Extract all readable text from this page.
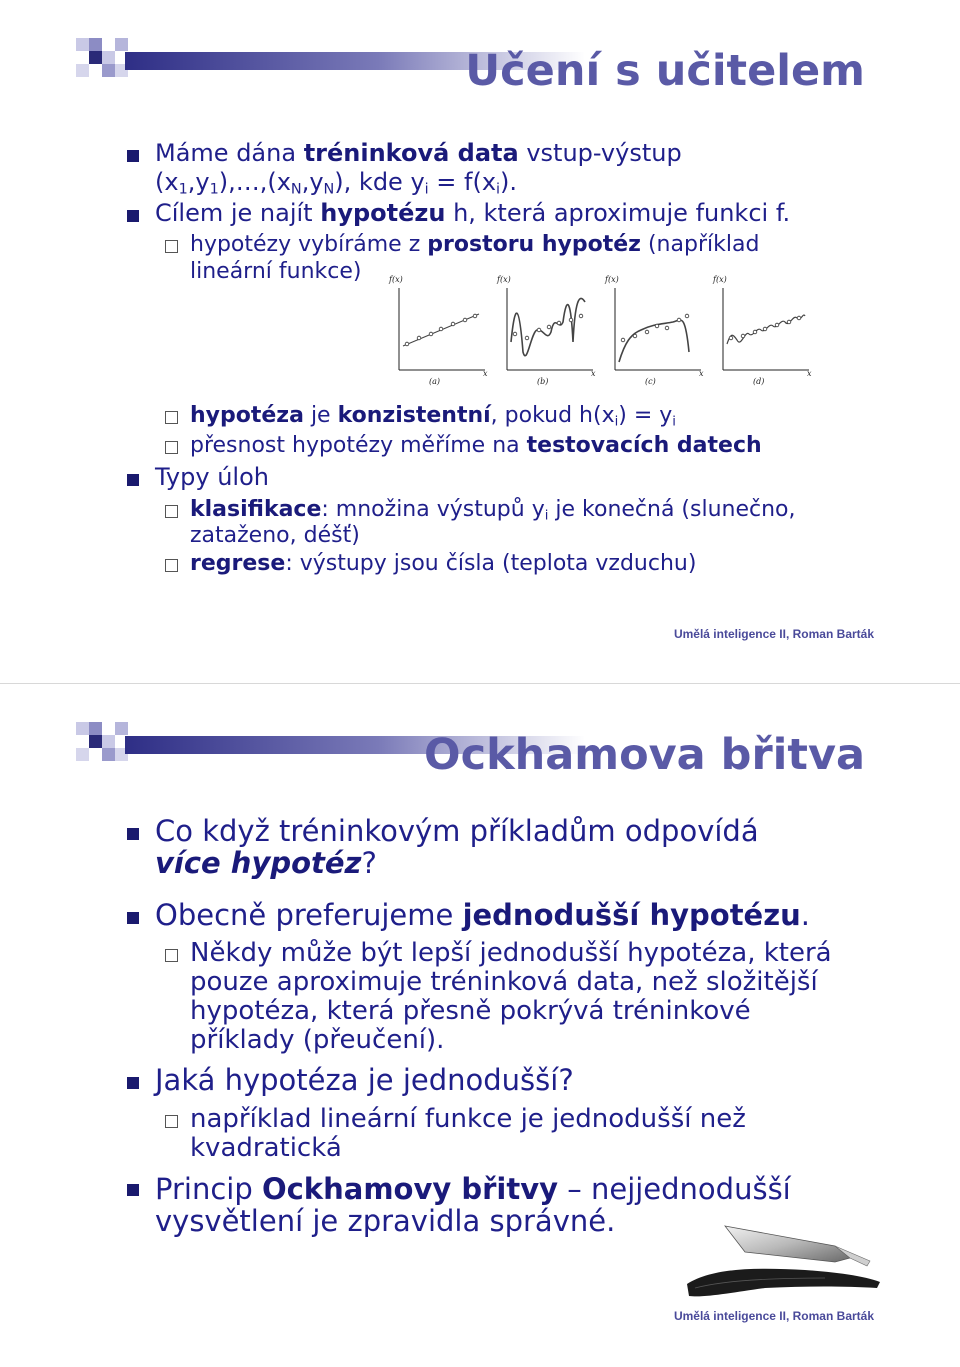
Učení s učitelem
Máme dána tréninková data vstup-výstup
$(x_1,y_1),\dots,(x_N,y_N)$, kde $y_i = f(x_i)$.
Cílem je najít hypotézu h, která aproximuje funkci f.
hypotézy vybíráme z prostoru hypotéz (například
lineární funkce)	f(x)
x
(a)
f(x)
x
(b)
f(x)
x
(c)
f(x)
x
(d)
hypotéza je konzistentní, pokud $h(x_i) = y_i$
přesnost hypotézy měříme na testovacích datech
Typy úloh
klasifikace: množina výstupů $y_i$ je konečná (slunečno,
zataženo, déšť)
regrese: výstupy jsou čísla (teplota vzduchu)
Umělá inteligence II, Roman Barták
Ockhamova břitva
Co když tréninkovým příkladům odpovídá
více hypotéz?
Obecně preferujeme jednodušší hypotézu.
Někdy může být lepší jednodušší hypotéza, která
pouze aproximuje tréninková data, než složitější
hypotéza, která přesně pokrývá tréninkové
příklady (přeučení).
Jaká hypotéza je jednodušší?
například lineární funkce je jednodušší než
kvadratická
Princip Ockhamovy břitvy – nejjednodušší
vysvětlení je zpravidla správné.
Umělá inteligence II, Roman Barták
